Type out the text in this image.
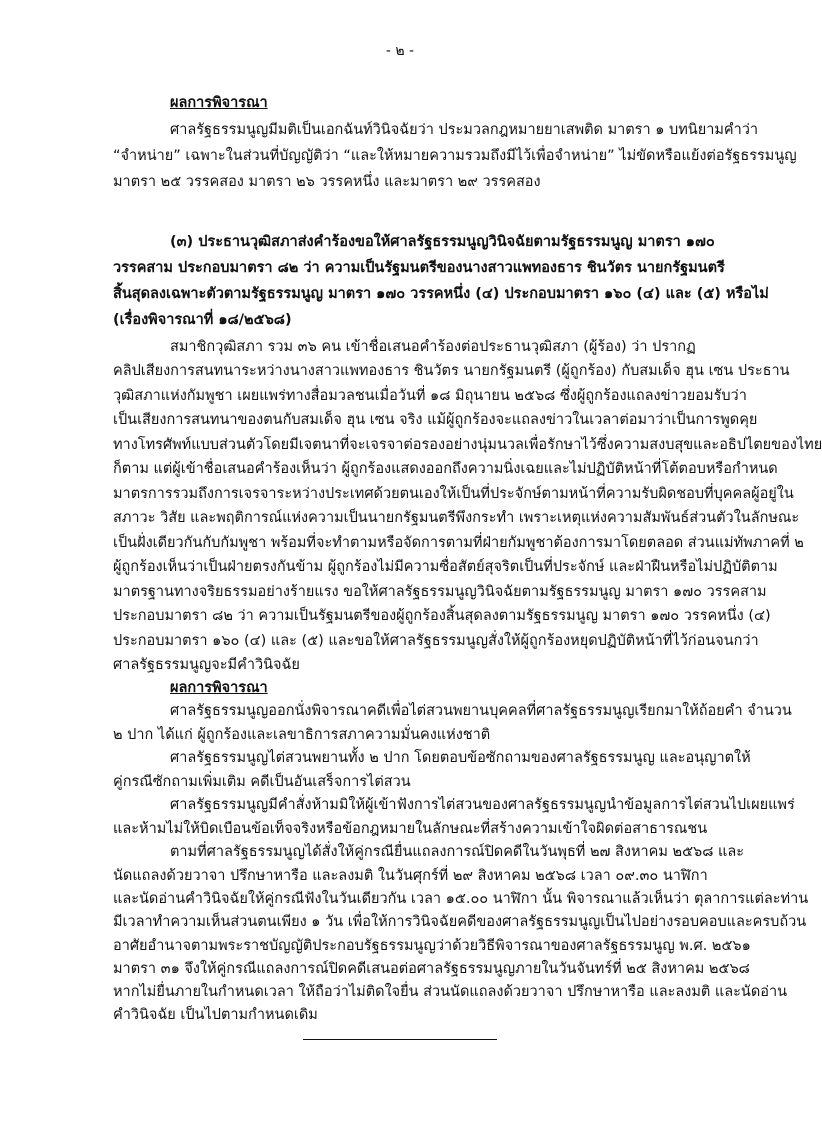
- ๒ -
ผลการพิจารณา
ศาลรัฐธรรมนูญมีมติเป็นเอกฉันท์วินิจฉัยว่า ประมวลกฎหมายยาเสพติด มาตรา ๑ บทนิยามคำว่า
“จำหน่าย” เฉพาะในส่วนที่บัญญัติว่า “และให้หมายความรวมถึงมีไว้เพื่อจำหน่าย” ไม่ขัดหรือแย้งต่อรัฐธรรมนูญ
มาตรา ๒๕ วรรคสอง มาตรา ๒๖ วรรคหนึ่ง และมาตรา ๒๙ วรรคสอง
(๓) ประธานวุฒิสภาส่งคำร้องขอให้ศาลรัฐธรรมนูญวินิจฉัยตามรัฐธรรมนูญ มาตรา ๑๗๐
วรรคสาม ประกอบมาตรา ๘๒ ว่า ความเป็นรัฐมนตรีของนางสาวแพทองธาร ชินวัตร นายกรัฐมนตรี
สิ้นสุดลงเฉพาะตัวตามรัฐธรรมนูญ มาตรา ๑๗๐ วรรคหนึ่ง (๔) ประกอบมาตรา ๑๖๐ (๔) และ (๕) หรือไม่
(เรื่องพิจารณาที่ ๑๘/๒๕๖๘)
สมาชิกวุฒิสภา รวม ๓๖ คน เข้าชื่อเสนอคำร้องต่อประธานวุฒิสภา (ผู้ร้อง) ว่า ปรากฏ
คลิปเสียงการสนทนาระหว่างนางสาวแพทองธาร ชินวัตร นายกรัฐมนตรี (ผู้ถูกร้อง) กับสมเด็จ ฮุน เซน ประธาน
วุฒิสภาแห่งกัมพูชา เผยแพร่ทางสื่อมวลชนเมื่อวันที่ ๑๘ มิถุนายน ๒๕๖๘ ซึ่งผู้ถูกร้องแถลงข่าวยอมรับว่า
เป็นเสียงการสนทนาของตนกับสมเด็จ ฮุน เซน จริง แม้ผู้ถูกร้องจะแถลงข่าวในเวลาต่อมาว่าเป็นการพูดคุย
ทางโทรศัพท์แบบส่วนตัวโดยมีเจตนาที่จะเจรจาต่อรองอย่างนุ่มนวลเพื่อรักษาไว้ซึ่งความสงบสุขและอธิปไตยของไทย
ก็ตาม แต่ผู้เข้าชื่อเสนอคำร้องเห็นว่า ผู้ถูกร้องแสดงออกถึงความนิ่งเฉยและไม่ปฏิบัติหน้าที่โต้ตอบหรือกำหนด
มาตรการรวมถึงการเจรจาระหว่างประเทศด้วยตนเองให้เป็นที่ประจักษ์ตามหน้าที่ความรับผิดชอบที่บุคคลผู้อยู่ใน
สภาวะ วิสัย และพฤติการณ์แห่งความเป็นนายกรัฐมนตรีพึงกระทำ เพราะเหตุแห่งความสัมพันธ์ส่วนตัวในลักษณะ
เป็นฝั่งเดียวกันกับกัมพูชา พร้อมที่จะทำตามหรือจัดการตามที่ฝ่ายกัมพูชาต้องการมาโดยตลอด ส่วนแม่ทัพภาคที่ ๒
ผู้ถูกร้องเห็นว่าเป็นฝ่ายตรงกันข้าม ผู้ถูกร้องไม่มีความซื่อสัตย์สุจริตเป็นที่ประจักษ์ และฝ่าฝืนหรือไม่ปฏิบัติตาม
มาตรฐานทางจริยธรรมอย่างร้ายแรง ขอให้ศาลรัฐธรรมนูญวินิจฉัยตามรัฐธรรมนูญ มาตรา ๑๗๐ วรรคสาม
ประกอบมาตรา ๘๒ ว่า ความเป็นรัฐมนตรีของผู้ถูกร้องสิ้นสุดลงตามรัฐธรรมนูญ มาตรา ๑๗๐ วรรคหนึ่ง (๔)
ประกอบมาตรา ๑๖๐ (๔) และ (๕) และขอให้ศาลรัฐธรรมนูญสั่งให้ผู้ถูกร้องหยุดปฏิบัติหน้าที่ไว้ก่อนจนกว่า
ศาลรัฐธรรมนูญจะมีคำวินิจฉัย
ผลการพิจารณา
ศาลรัฐธรรมนูญออกนั่งพิจารณาคดีเพื่อไต่สวนพยานบุคคลที่ศาลรัฐธรรมนูญเรียกมาให้ถ้อยคำ จำนวน
๒ ปาก ได้แก่ ผู้ถูกร้องและเลขาธิการสภาความมั่นคงแห่งชาติ
ศาลรัฐธรรมนูญไต่สวนพยานทั้ง ๒ ปาก โดยตอบข้อซักถามของศาลรัฐธรรมนูญ และอนุญาตให้
คู่กรณีซักถามเพิ่มเติม คดีเป็นอันเสร็จการไต่สวน
ศาลรัฐธรรมนูญมีคำสั่งห้ามมิให้ผู้เข้าฟังการไต่สวนของศาลรัฐธรรมนูญนำข้อมูลการไต่สวนไปเผยแพร่
และห้ามไม่ให้บิดเบือนข้อเท็จจริงหรือข้อกฎหมายในลักษณะที่สร้างความเข้าใจผิดต่อสาธารณชน
ตามที่ศาลรัฐธรรมนูญได้สั่งให้คู่กรณียื่นแถลงการณ์ปิดคดีในวันพุธที่ ๒๗ สิงหาคม ๒๕๖๘ และ
นัดแถลงด้วยวาจา ปรึกษาหารือ และลงมติ ในวันศุกร์ที่ ๒๙ สิงหาคม ๒๕๖๘ เวลา ๐๙.๓๐ นาฬิกา
และนัดอ่านคำวินิจฉัยให้คู่กรณีฟังในวันเดียวกัน เวลา ๑๕.๐๐ นาฬิกา นั้น พิจารณาแล้วเห็นว่า ตุลาการแต่ละท่าน
มีเวลาทำความเห็นส่วนตนเพียง ๑ วัน เพื่อให้การวินิจฉัยคดีของศาลรัฐธรรมนูญเป็นไปอย่างรอบคอบและครบถ้วน
อาศัยอำนาจตามพระราชบัญญัติประกอบรัฐธรรมนูญว่าด้วยวิธีพิจารณาของศาลรัฐธรรมนูญ พ.ศ. ๒๕๖๑
มาตรา ๓๑ จึงให้คู่กรณีแถลงการณ์ปิดคดีเสนอต่อศาลรัฐธรรมนูญภายในวันจันทร์ที่ ๒๕ สิงหาคม ๒๕๖๘
หากไม่ยื่นภายในกำหนดเวลา ให้ถือว่าไม่ติดใจยื่น ส่วนนัดแถลงด้วยวาจา ปรึกษาหารือ และลงมติ และนัดอ่าน
คำวินิจฉัย เป็นไปตามกำหนดเดิม
